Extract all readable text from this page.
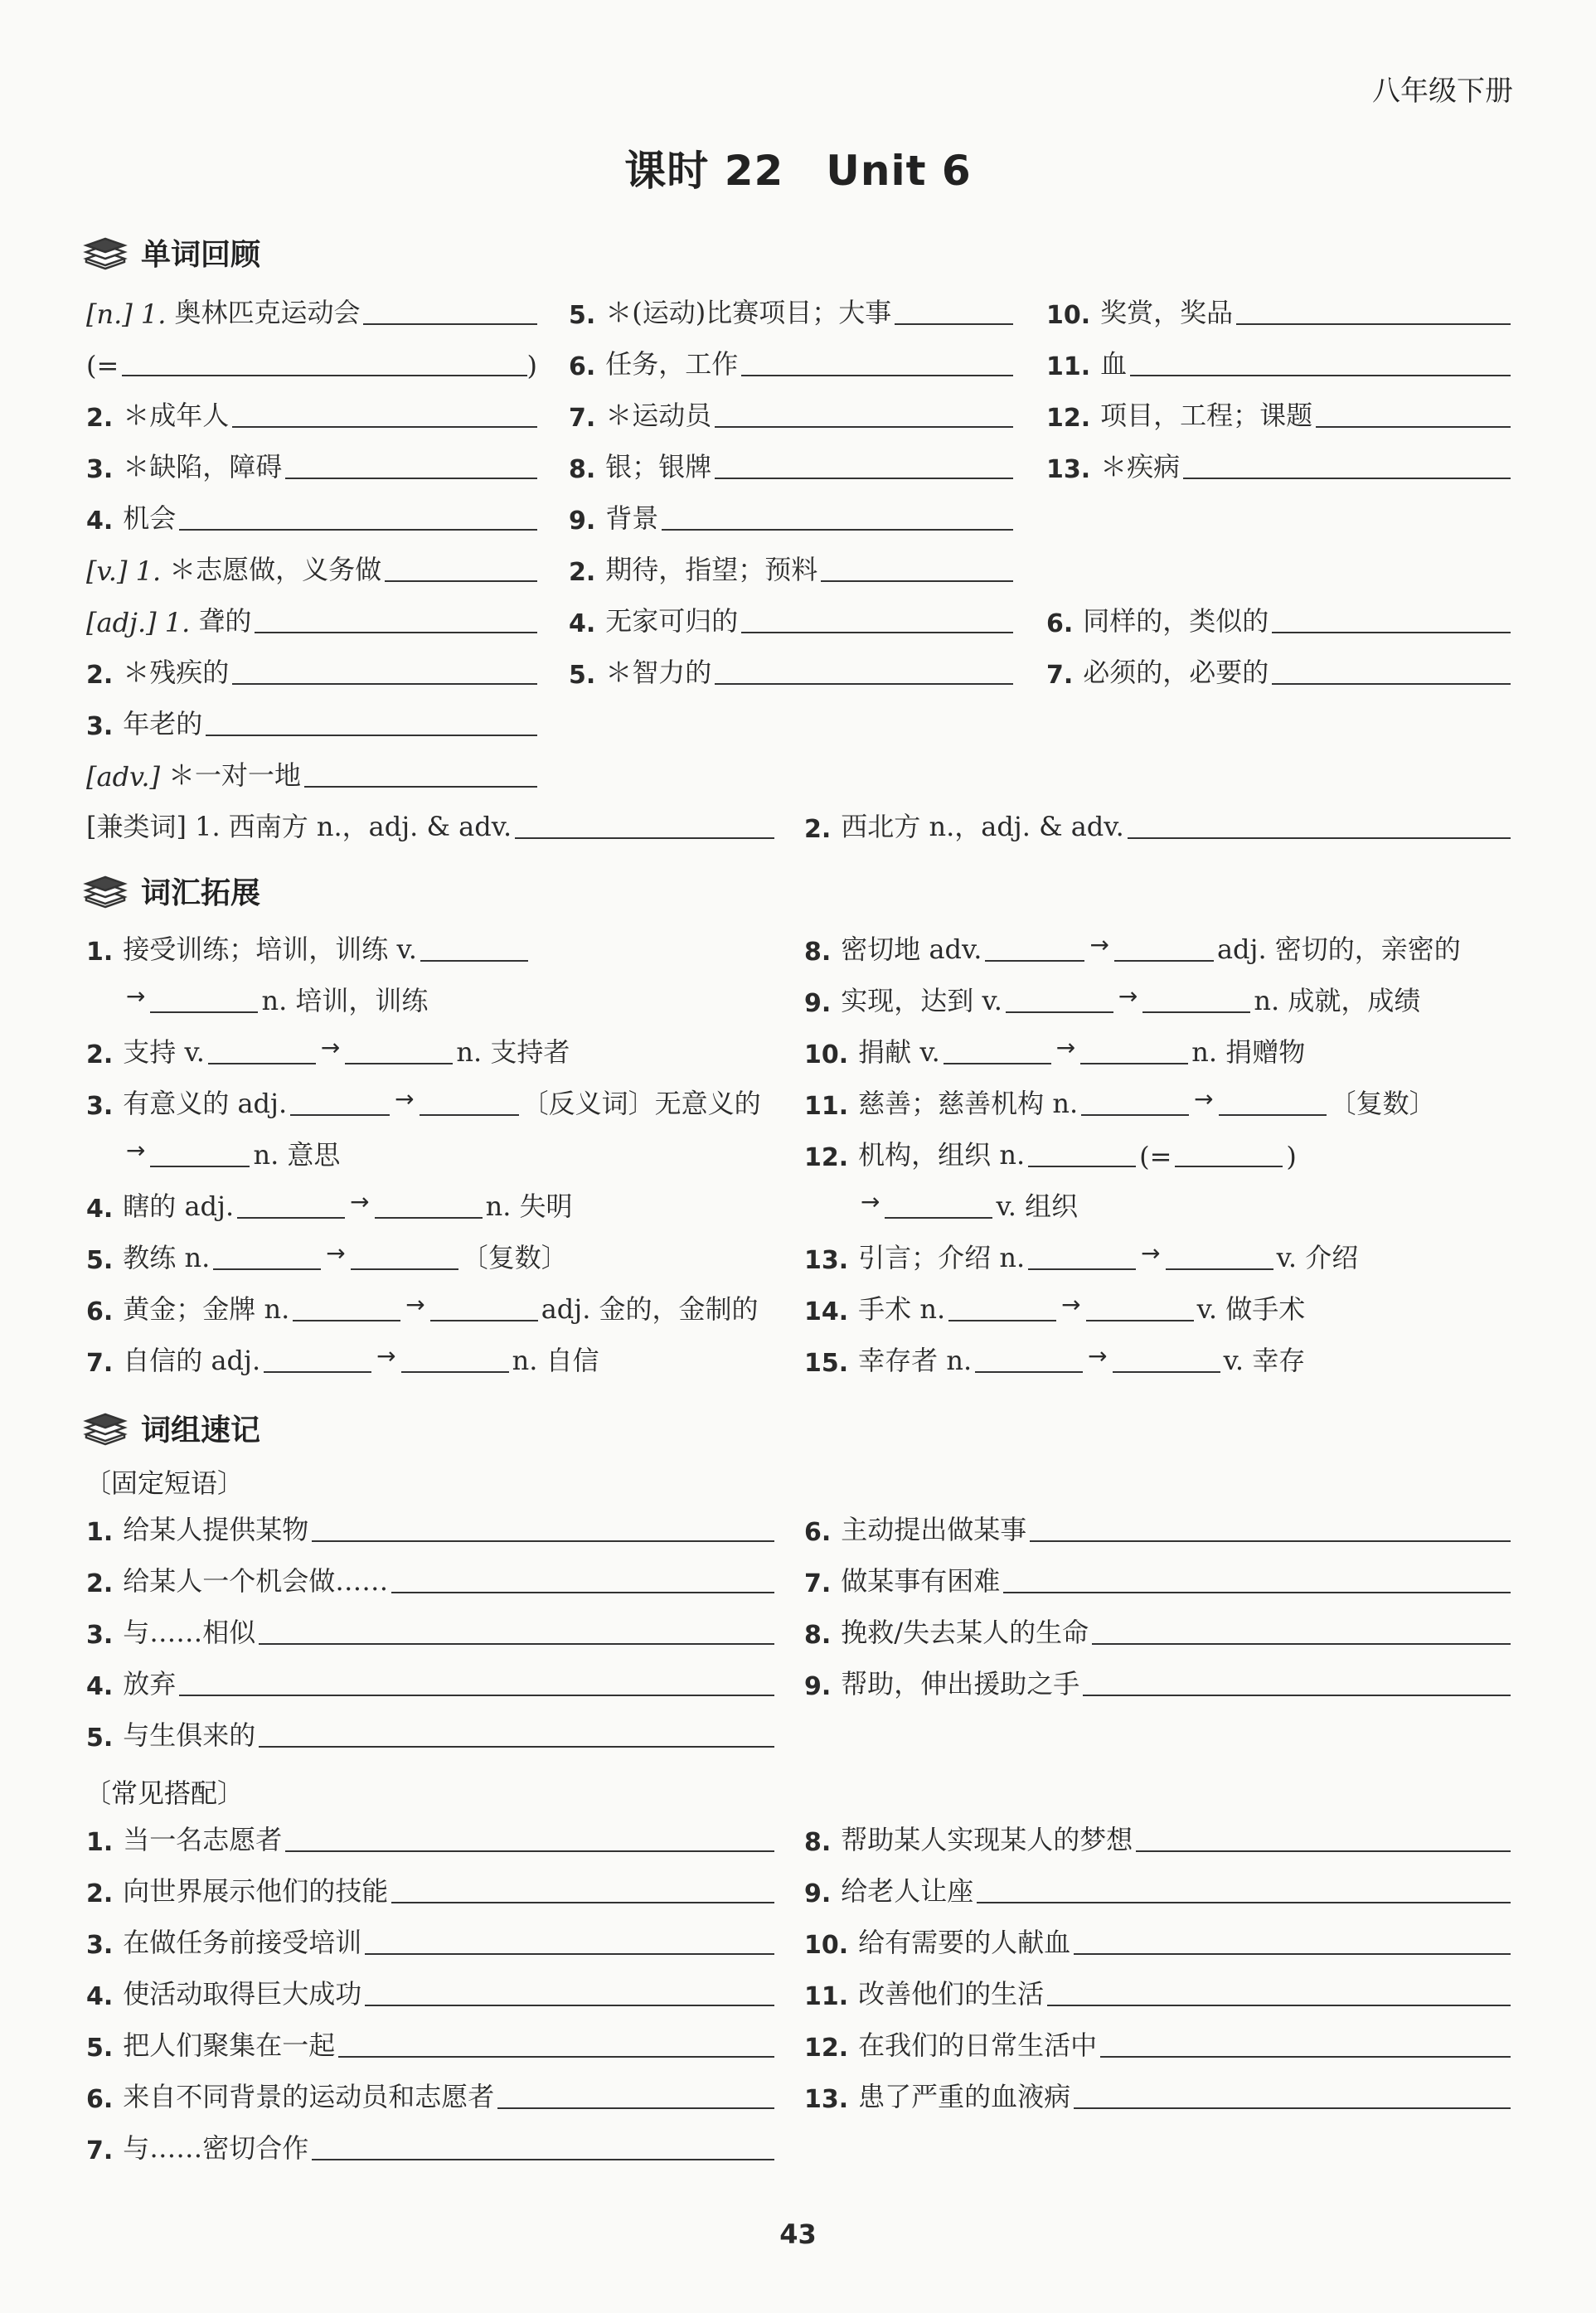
八年级下册
课时 22　Unit 6
单词回顾
[n.] 1. 奥林匹克运动会
(=	)
2. ＊成年人
3. ＊缺陷，障碍
4. 机会
5. ＊(运动)比赛项目；大事
6. 任务，工作
7. ＊运动员
8. 银；银牌
9. 背景
10. 奖赏，奖品
11. 血
12. 项目，工程；课题
13. ＊疾病
[v.] 1. ＊志愿做，义务做	2. 期待，指望；预料
[adj.] 1. 聋的
2. ＊残疾的
3. 年老的
4. 无家可归的
5. ＊智力的
6. 同样的，类似的
7. 必须的，必要的
[adv.] ＊一对一地
[兼类词] 1. 西南方 n.，adj. & adv.	2. 西北方 n.，adj. & adv.
词汇拓展
1. 接受训练；培训，训练 v.
→	n. 培训，训练
2. 支持 v.	→	n. 支持者
3. 有意义的 adj.	→	〔反义词〕无意义的
→	n. 意思
4. 瞎的 adj.	→	n. 失明
5. 教练 n.	→	〔复数〕
6. 黄金；金牌 n.	→	adj. 金的，金制的
7. 自信的 adj.	→	n. 自信
8. 密切地 adv.	→	adj. 密切的，亲密的
9. 实现，达到 v.	→	n. 成就，成绩
10. 捐献 v.	→	n. 捐赠物
11. 慈善；慈善机构 n.	→	〔复数〕
12. 机构，组织 n.	(=	)
→	v. 组织
13. 引言；介绍 n.	→	v. 介绍
14. 手术 n.	→	v. 做手术
15. 幸存者 n.	→	v. 幸存
词组速记
〔固定短语〕
1. 给某人提供某物
2. 给某人一个机会做……
3. 与……相似
4. 放弃
5. 与生俱来的
6. 主动提出做某事
7. 做某事有困难
8. 挽救/失去某人的生命
9. 帮助，伸出援助之手
〔常见搭配〕
1. 当一名志愿者
2. 向世界展示他们的技能
3. 在做任务前接受培训
4. 使活动取得巨大成功
5. 把人们聚集在一起
6. 来自不同背景的运动员和志愿者
7. 与……密切合作
8. 帮助某人实现某人的梦想
9. 给老人让座
10. 给有需要的人献血
11. 改善他们的生活
12. 在我们的日常生活中
13. 患了严重的血液病
43
